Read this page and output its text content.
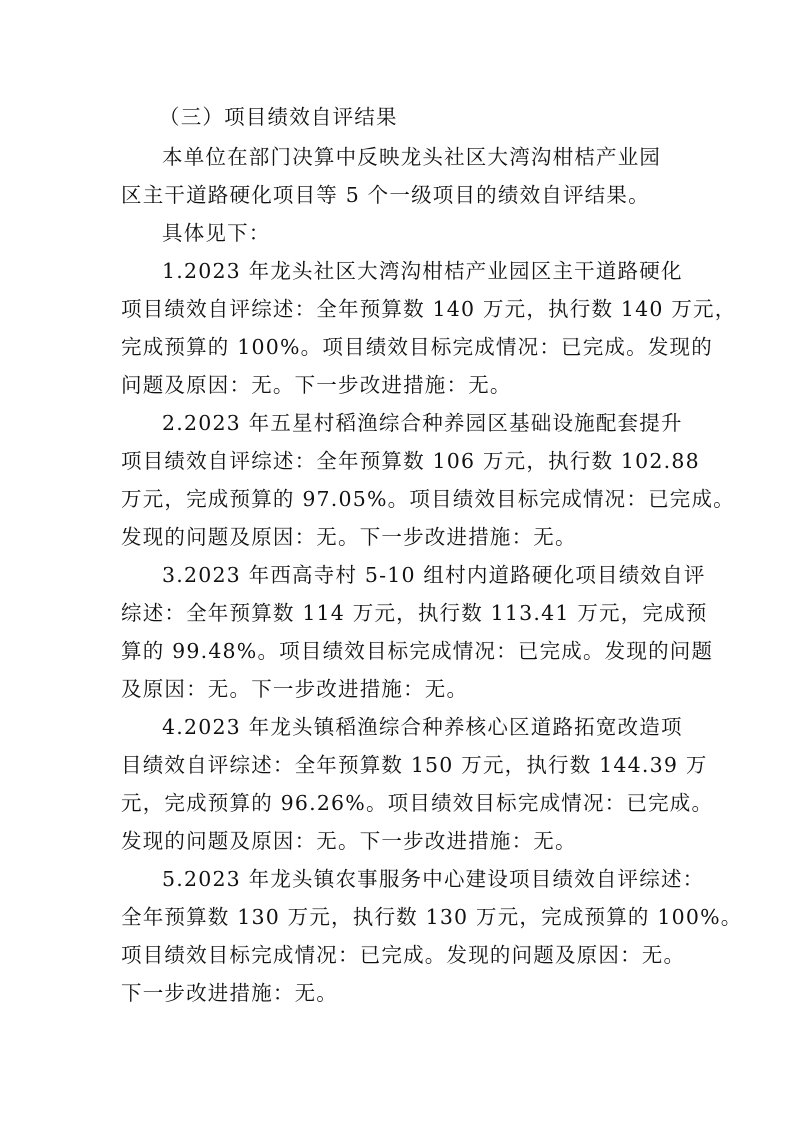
（三）项目绩效自评结果

本单位在部门决算中反映龙头社区大湾沟柑桔产业园
区主干道路硬化项目等 5 个一级项目的绩效自评结果。

具体见下：

1.2023 年龙头社区大湾沟柑桔产业园区主干道路硬化
项目绩效自评综述：全年预算数 140 万元，执行数 140 万元，
完成预算的 100%。项目绩效目标完成情况：已完成。发现的
问题及原因：无。下一步改进措施：无。

2.2023 年五星村稻渔综合种养园区基础设施配套提升
项目绩效自评综述：全年预算数 106 万元，执行数 102.88
万元，完成预算的 97.05%。项目绩效目标完成情况：已完成。
发现的问题及原因：无。下一步改进措施：无。

3.2023 年西高寺村 5-10 组村内道路硬化项目绩效自评
综述：全年预算数 114 万元，执行数 113.41 万元，完成预
算的 99.48%。项目绩效目标完成情况：已完成。发现的问题
及原因：无。下一步改进措施：无。

4.2023 年龙头镇稻渔综合种养核心区道路拓宽改造项
目绩效自评综述：全年预算数 150 万元，执行数 144.39 万
元，完成预算的 96.26%。项目绩效目标完成情况：已完成。
发现的问题及原因：无。下一步改进措施：无。

5.2023 年龙头镇农事服务中心建设项目绩效自评综述：
全年预算数 130 万元，执行数 130 万元，完成预算的 100%。
项目绩效目标完成情况：已完成。发现的问题及原因：无。
下一步改进措施：无。
